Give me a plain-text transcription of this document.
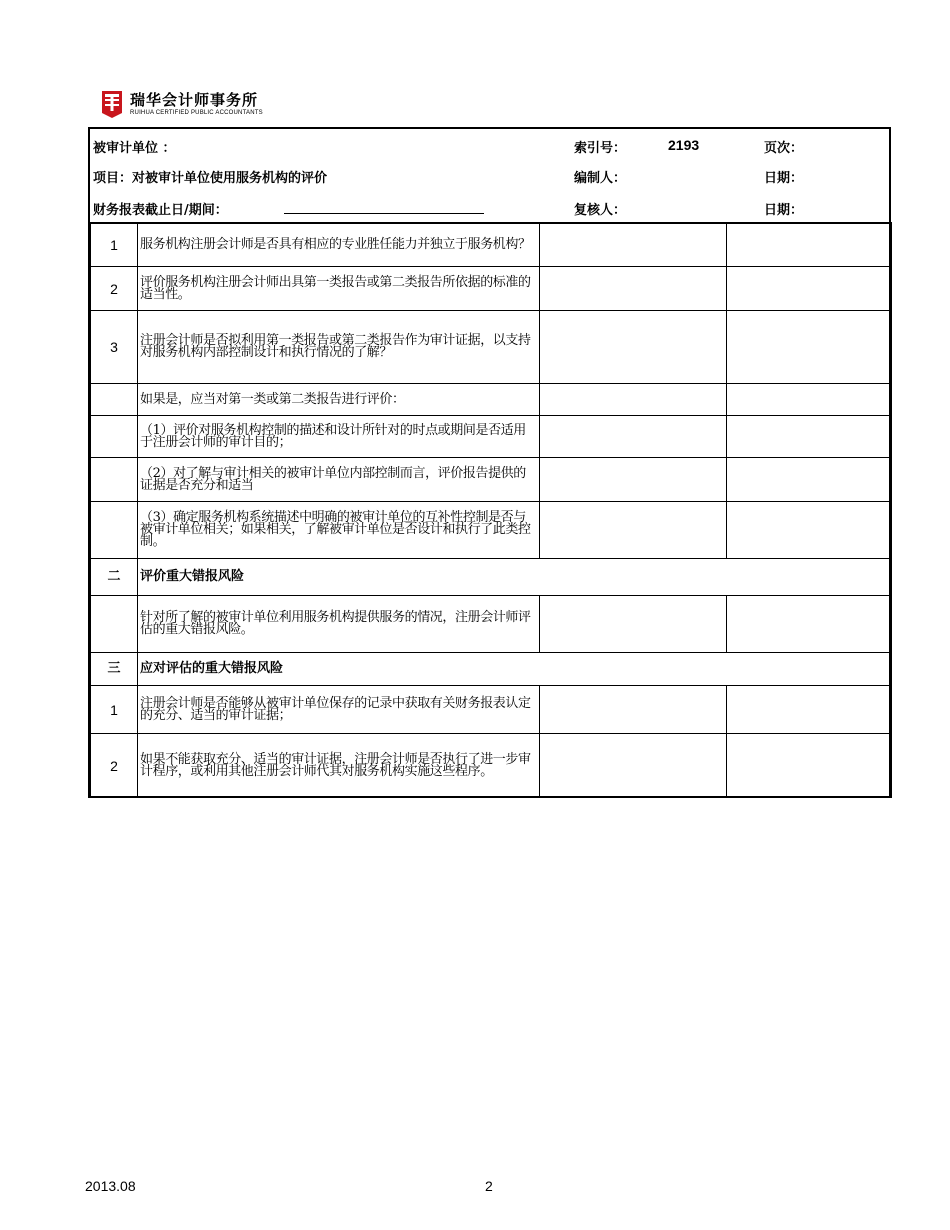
瑞华会计师事务所
RUIHUA CERTIFIED PUBLIC ACCOUNTANTS
被审计单位 ：	索引号：	2193	页次：
项目：对被审计单位使用服务机构的评价	编制人：	日期：
财务报表截止日/期间：	复核人：	日期：
1	服务机构注册会计师是否具有相应的专业胜任能力并独立于服务机构？		
2	评价服务机构注册会计师出具第一类报告或第二类报告所依据的标准的适当性。		
3	注册会计师是否拟利用第一类报告或第二类报告作为审计证据，以支持对服务机构内部控制设计和执行情况的了解？		
	如果是，应当对第一类或第二类报告进行评价：		
	（1）评价对服务机构控制的描述和设计所针对的时点或期间是否适用于注册会计师的审计目的；		
	（2）对了解与审计相关的被审计单位内部控制而言，评价报告提供的证据是否充分和适当		
	（3）确定服务机构系统描述中明确的被审计单位的互补性控制是否与被审计单位相关；如果相关，了解被审计单位是否设计和执行了此类控制。		
二	评价重大错报风险		
	针对所了解的被审计单位利用服务机构提供服务的情况，注册会计师评估的重大错报风险。		
三	应对评估的重大错报风险		
1	注册会计师是否能够从被审计单位保存的记录中获取有关财务报表认定的充分、适当的审计证据；		
2	如果不能获取充分、适当的审计证据，注册会计师是否执行了进一步审计程序，或利用其他注册会计师代其对服务机构实施这些程序。		
2013.08	2
